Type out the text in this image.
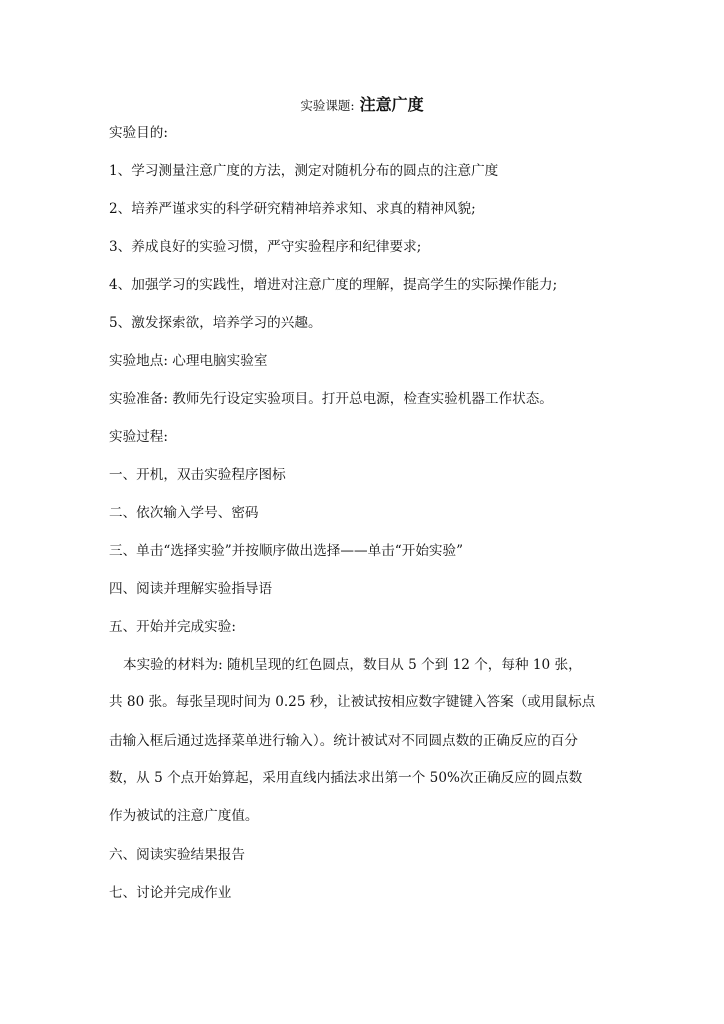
实验课题: 注意广度
实验目的:
1、学习测量注意广度的方法，测定对随机分布的圆点的注意广度
2、培养严谨求实的科学研究精神培养求知、求真的精神风貌;
3、养成良好的实验习惯，严守实验程序和纪律要求;
4、加强学习的实践性，增进对注意广度的理解，提高学生的实际操作能力;
5、激发探索欲，培养学习的兴趣。
实验地点: 心理电脑实验室
实验准备: 教师先行设定实验项目。打开总电源，检查实验机器工作状态。
实验过程:
一、开机，双击实验程序图标
二、依次输入学号、密码
三、单击“选择实验”并按顺序做出选择——单击“开始实验”
四、阅读并理解实验指导语
五、开始并完成实验:
本实验的材料为: 随机呈现的红色圆点，数目从 5 个到 12 个，每种 10 张，
共 80 张。每张呈现时间为 0.25 秒，让被试按相应数字键键入答案（或用鼠标点
击输入框后通过选择菜单进行输入）。统计被试对不同圆点数的正确反应的百分
数，从 5 个点开始算起，采用直线内插法求出第一个 50%次正确反应的圆点数
作为被试的注意广度值。
六、阅读实验结果报告
七、讨论并完成作业
